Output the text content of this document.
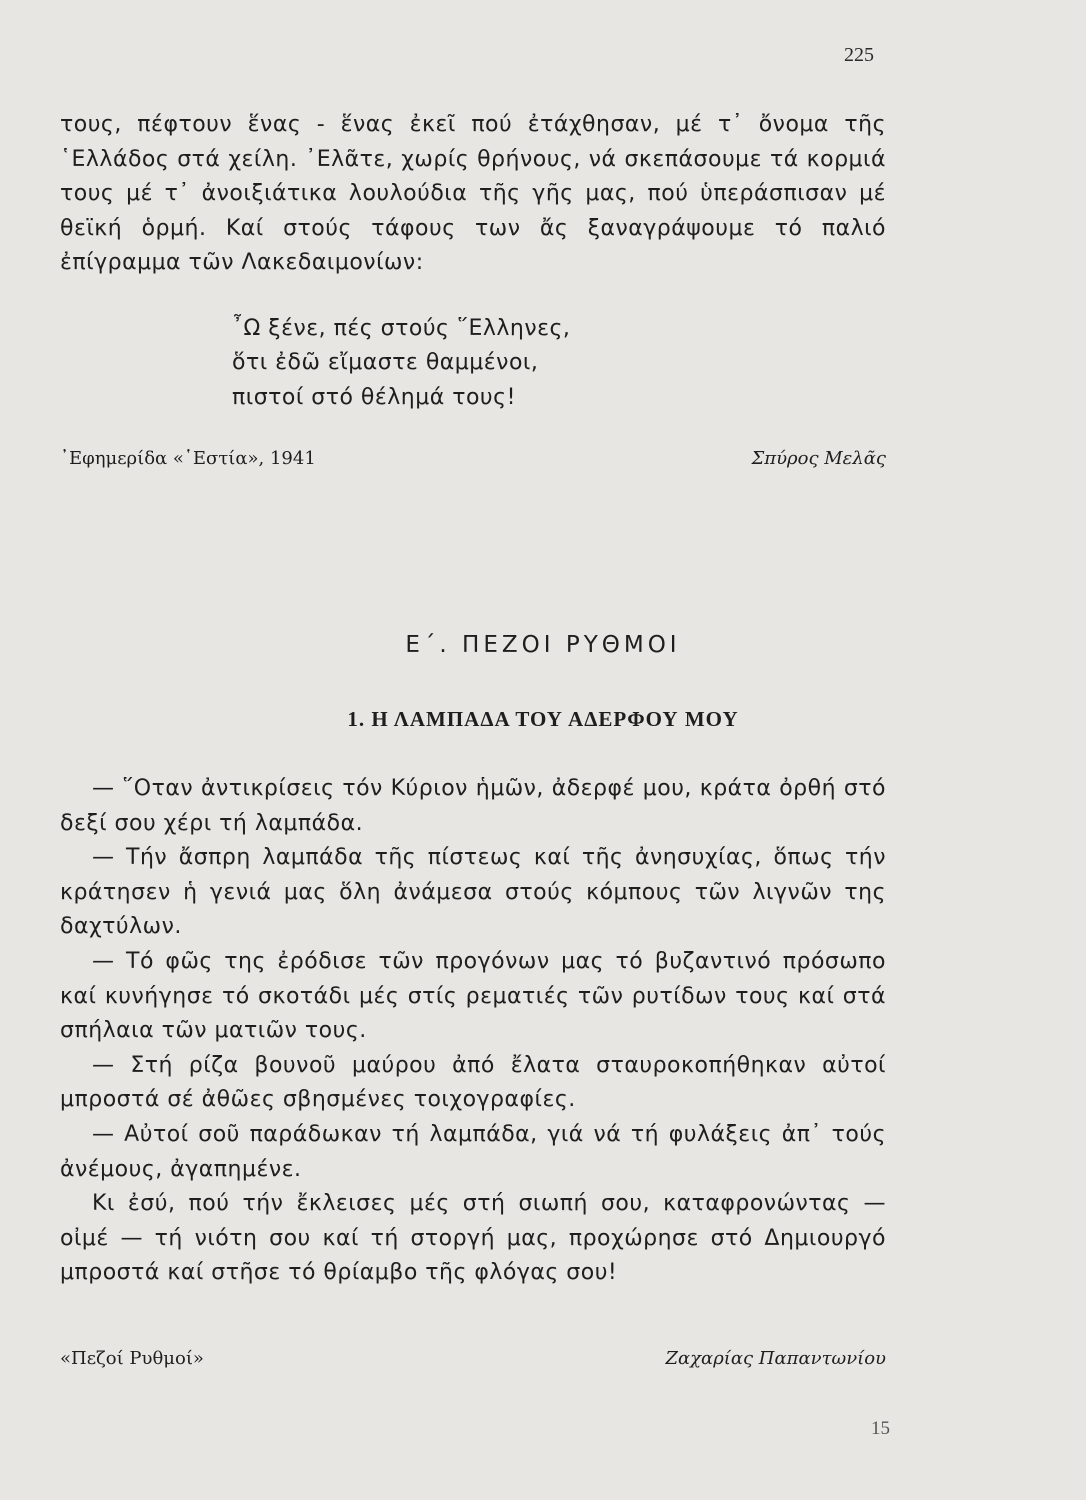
225

τους, πέφτουν ἕνας - ἕνας ἐκεῖ πού ἐτάχθησαν, μέ τ᾿ ὄνομα τῆς ῾Ελλάδος στά χείλη. ᾿Ελᾶτε, χωρίς θρήνους, νά σκεπάσουμε τά κορμιά τους μέ τ᾿ ἀνοιξιάτικα λουλούδια τῆς γῆς μας, πού ὑπεράσπισαν μέ θεϊκή ὁρμή. Καί στούς τάφους των ἄς ξαναγράψουμε τό παλιό ἐπίγραμμα τῶν Λακεδαιμονίων:

῏Ω ξένε, πές στούς ῞Ελληνες,
ὅτι ἐδῶ εἴμαστε θαμμένοι,
πιστοί στό θέλημά τους!
᾿Εφημερίδα «῾Εστία», 1941	Σπύρος Μελᾶς
Ε΄. ΠΕΖΟΙ ΡΥΘΜΟΙ
1. Η ΛΑΜΠΑΔΑ ΤΟΥ ΑΔΕΡΦΟΥ ΜΟΥ

— ῞Οταν ἀντικρίσεις τόν Κύριον ἡμῶν, ἀδερφέ μου, κράτα ὀρθή στό δεξί σου χέρι τή λαμπάδα.

— Τήν ἄσπρη λαμπάδα τῆς πίστεως καί τῆς ἀνησυχίας, ὅπως τήν κράτησεν ἡ γενιά μας ὅλη ἀνάμεσα στούς κόμπους τῶν λιγνῶν της δαχτύλων.

— Τό φῶς της ἐρόδισε τῶν προγόνων μας τό βυζαντινό πρόσωπο καί κυνήγησε τό σκοτάδι μές στίς ρεματιές τῶν ρυτίδων τους καί στά σπήλαια τῶν ματιῶν τους.

— Στή ρίζα βουνοῦ μαύρου ἀπό ἔλατα σταυροκοπήθηκαν αὐτοί μπροστά σέ ἀθῶες σβησμένες τοιχογραφίες.

— Αὐτοί σοῦ παράδωκαν τή λαμπάδα, γιά νά τή φυλάξεις ἀπ᾿ τούς ἀνέμους, ἀγαπημένε.

Κι ἐσύ, πού τήν ἔκλεισες μές στή σιωπή σου, καταφρονώντας — οἰμέ — τή νιότη σου καί τή στοργή μας, προχώρησε στό Δημιουργό μπροστά καί στῆσε τό θρίαμβο τῆς φλόγας σου!

«Πεζοί Ρυθμοί»	Ζαχαρίας Παπαντωνίου
15
